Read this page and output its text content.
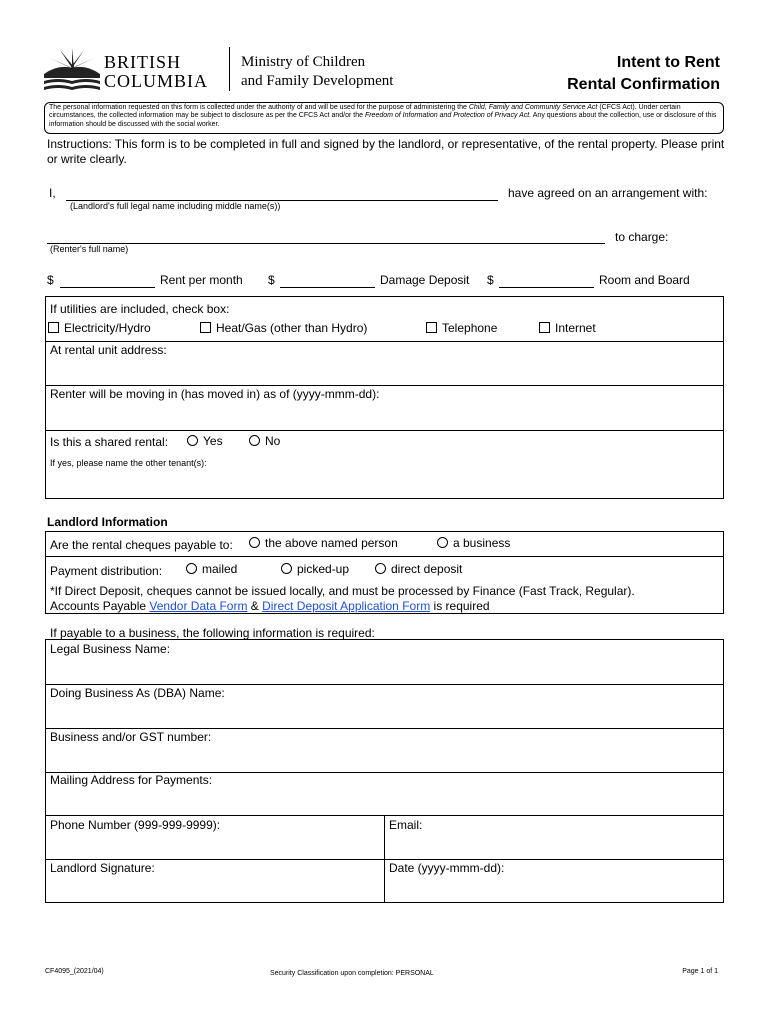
BRITISH
COLUMBIA
Ministry of Children
and Family Development
Intent to Rent
Rental Confirmation
The personal information requested on this form is collected under the authority of and will be used for the purpose of administering the Child, Family and Community Service Act (CFCS Act). Under certain circumstances, the collected information may be subject to disclosure as per the CFCS Act and/or the Freedom of Information and Protection of Privacy Act. Any questions about the collection, use or disclosure of this information should be discussed with the social worker.
Instructions: This form is to be completed in full and signed by the landlord, or representative, of the rental property. Please print or write clearly.
I,
(Landlord's full legal name including middle name(s))
have agreed on an arrangement with:
(Renter's full name)
to charge:
$	Rent per month $	Damage Deposit $	Room and Board
If utilities are included, check box:
Electricity/Hydro	Heat/Gas (other than Hydro)	Telephone	Internet
At rental unit address:
Renter will be moving in (has moved in) as of (yyyy-mmm-dd):
Is this a shared rental:	Yes	No
If yes, please name the other tenant(s):
Landlord Information
Are the rental cheques payable to:	the above named person	a business
Payment distribution:	mailed	picked-up	direct deposit
*If Direct Deposit, cheques cannot be issued locally, and must be processed by Finance (Fast Track, Regular).
Accounts Payable Vendor Data Form & Direct Deposit Application Form is required
If payable to a business, the following information is required:
Legal Business Name:
Doing Business As (DBA) Name:
Business and/or GST number:
Mailing Address for Payments:
Phone Number (999-999-9999):	Email:
Landlord Signature:	Date (yyyy-mmm-dd):
CF4095_(2021/04)	Security Classification upon completion: PERSONAL	Page 1 of 1
